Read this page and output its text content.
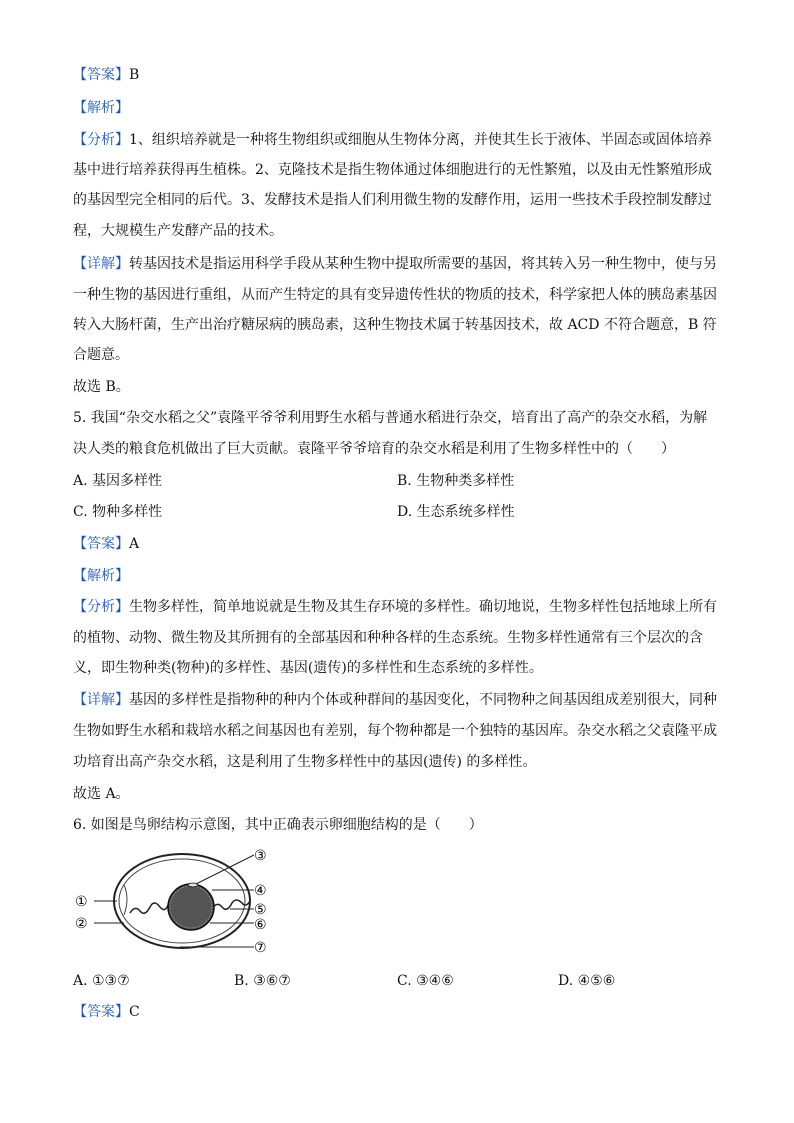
【答案】B
【解析】
【分析】1、组织培养就是一种将生物组织或细胞从生物体分离，并使其生长于液体、半固态或固体培养
基中进行培养获得再生植株。2、克隆技术是指生物体通过体细胞进行的无性繁殖，以及由无性繁殖形成
的基因型完全相同的后代。3、发酵技术是指人们利用微生物的发酵作用，运用一些技术手段控制发酵过
程，大规模生产发酵产品的技术。
【详解】转基因技术是指运用科学手段从某种生物中提取所需要的基因，将其转入另一种生物中，使与另
一种生物的基因进行重组，从而产生特定的具有变异遗传性状的物质的技术，科学家把人体的胰岛素基因
转入大肠杆菌，生产出治疗糖尿病的胰岛素，这种生物技术属于转基因技术，故 ACD 不符合题意，B 符
合题意。
故选 B。
5. 我国“杂交水稻之父”袁隆平爷爷利用野生水稻与普通水稻进行杂交，培育出了高产的杂交水稻，为解
决人类的粮食危机做出了巨大贡献。袁隆平爷爷培育的杂交水稻是利用了生物多样性中的（　　）
A. 基因多样性	B. 生物种类多样性
C. 物种多样性	D. 生态系统多样性
【答案】A
【解析】
【分析】生物多样性，简单地说就是生物及其生存环境的多样性。确切地说，生物多样性包括地球上所有
的植物、动物、微生物及其所拥有的全部基因和种种各样的生态系统。生物多样性通常有三个层次的含
义，即生物种类(物种)的多样性、基因(遗传)的多样性和生态系统的多样性。
【详解】基因的多样性是指物种的种内个体或种群间的基因变化，不同物种之间基因组成差别很大，同种
生物如野生水稻和栽培水稻之间基因也有差别，每个物种都是一个独特的基因库。杂交水稻之父袁隆平成
功培育出高产杂交水稻，这是利用了生物多样性中的基因(遗传) 的多样性。
故选 A。
6. 如图是鸟卵结构示意图，其中正确表示卵细胞结构的是（　　）
③
④
⑤
⑥
⑦
①
②
A. ①③⑦	B. ③⑥⑦	C. ③④⑥	D. ④⑤⑥
【答案】C
